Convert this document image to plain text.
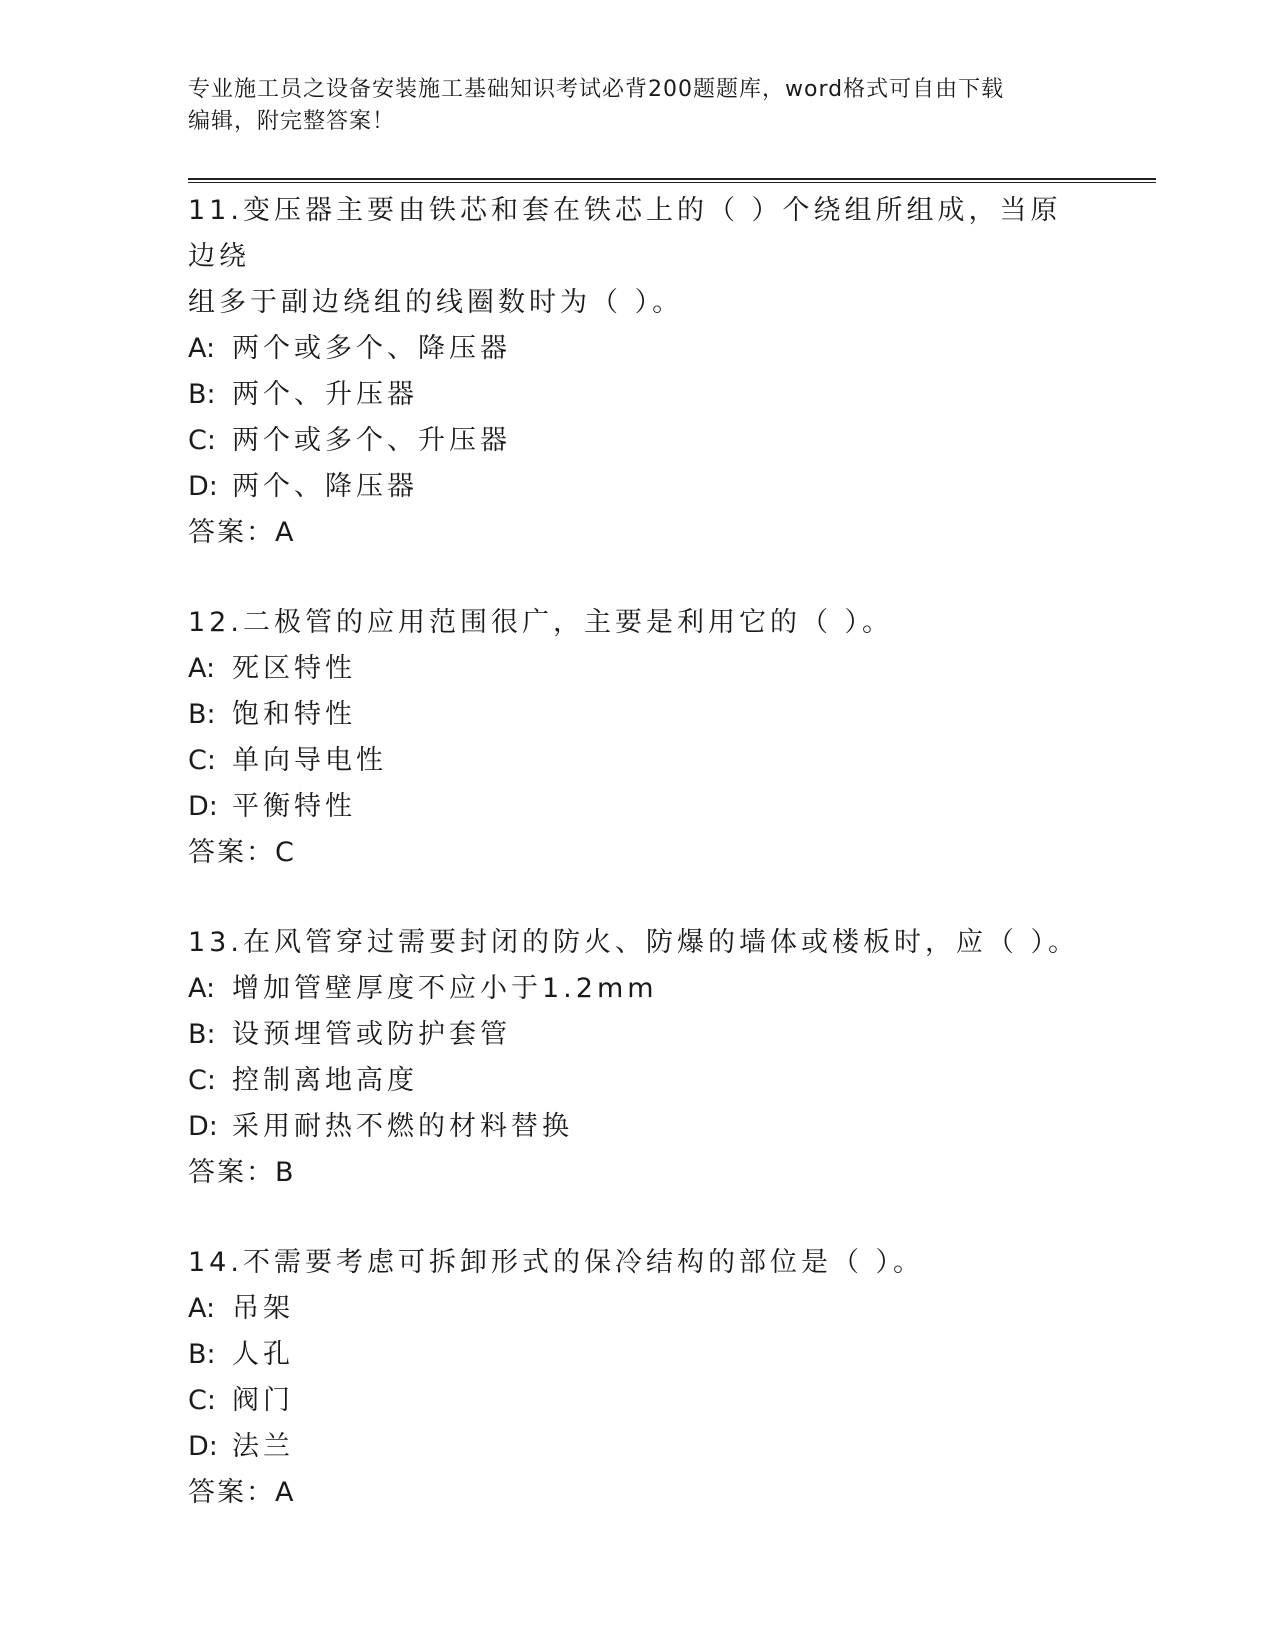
专业施工员之设备安装施工基础知识考试必背200题题库，word格式可自由下载
编辑，附完整答案！

11.变压器主要由铁芯和套在铁芯上的（ ）个绕组所组成，当原边绕

组多于副边绕组的线圈数时为（ ）。

A: 两个或多个、降压器

B: 两个、升压器

C: 两个或多个、升压器

D: 两个、降压器

答案：A

12.二极管的应用范围很广，主要是利用它的（ ）。

A: 死区特性

B: 饱和特性

C: 单向导电性

D: 平衡特性

答案：C

13.在风管穿过需要封闭的防火、防爆的墙体或楼板时，应（ ）。

A: 增加管壁厚度不应小于1.2mm

B: 设预埋管或防护套管

C: 控制离地高度

D: 采用耐热不燃的材料替换

答案：B

14.不需要考虑可拆卸形式的保冷结构的部位是（ ）。

A: 吊架

B: 人孔

C: 阀门

D: 法兰

答案：A
